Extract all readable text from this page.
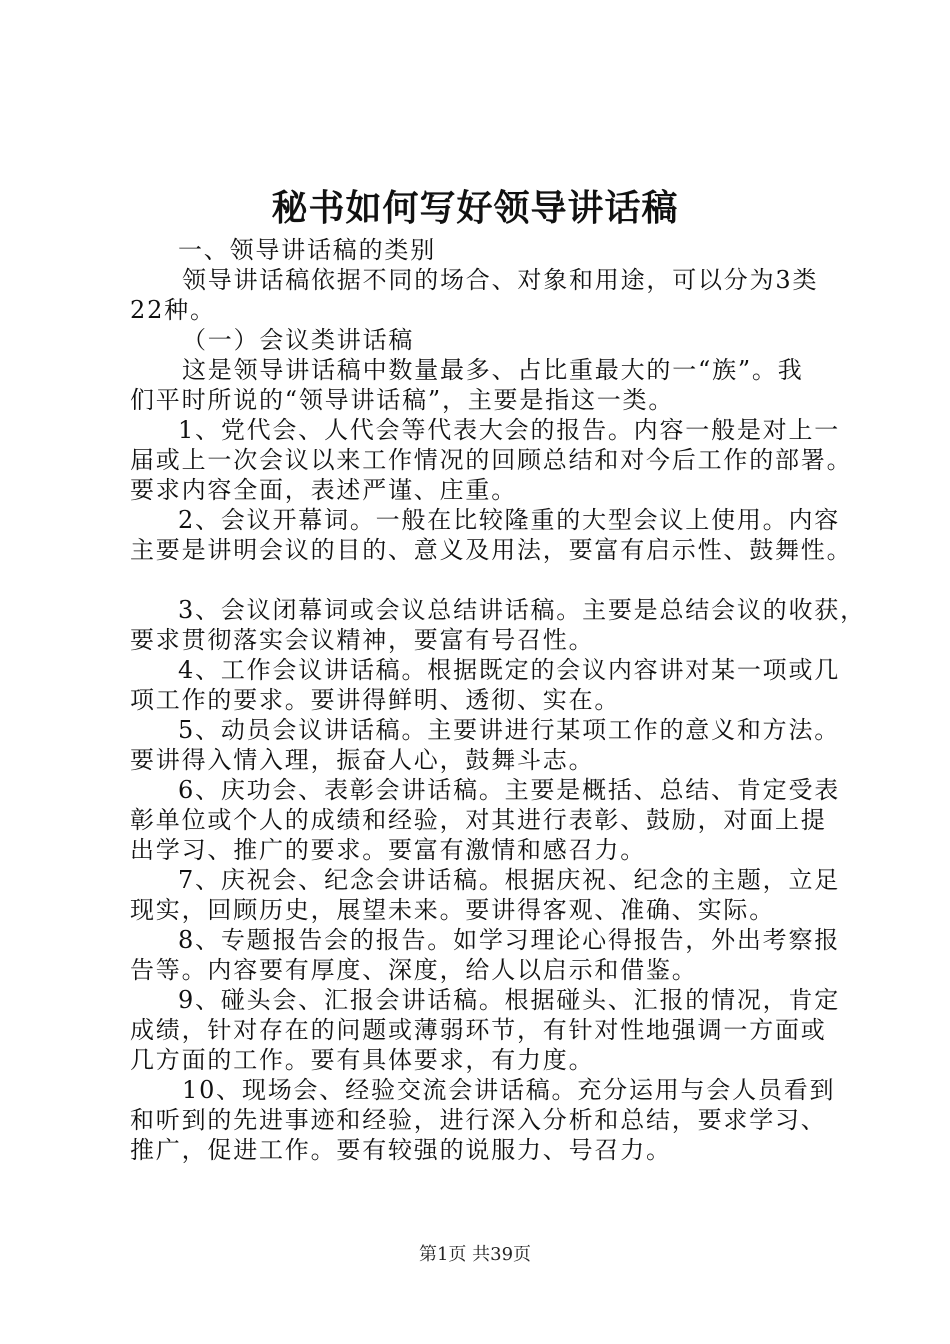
秘书如何写好领导讲话稿

一、领导讲话稿的类别

领导讲话稿依据不同的场合、对象和用途，可以分为3类

22种。

（一）会议类讲话稿

这是领导讲话稿中数量最多、占比重最大的一“族”。我

们平时所说的“领导讲话稿”，主要是指这一类。

1、党代会、人代会等代表大会的报告。内容一般是对上一

届或上一次会议以来工作情况的回顾总结和对今后工作的部署。

要求内容全面，表述严谨、庄重。

2、会议开幕词。一般在比较隆重的大型会议上使用。内容

主要是讲明会议的目的、意义及用法，要富有启示性、鼓舞性。

3、会议闭幕词或会议总结讲话稿。主要是总结会议的收获，

要求贯彻落实会议精神，要富有号召性。

4、工作会议讲话稿。根据既定的会议内容讲对某一项或几

项工作的要求。要讲得鲜明、透彻、实在。

5、动员会议讲话稿。主要讲进行某项工作的意义和方法。

要讲得入情入理，振奋人心，鼓舞斗志。

6、庆功会、表彰会讲话稿。主要是概括、总结、肯定受表

彰单位或个人的成绩和经验，对其进行表彰、鼓励，对面上提

出学习、推广的要求。要富有激情和感召力。

7、庆祝会、纪念会讲话稿。根据庆祝、纪念的主题，立足

现实，回顾历史，展望未来。要讲得客观、准确、实际。

8、专题报告会的报告。如学习理论心得报告，外出考察报

告等。内容要有厚度、深度，给人以启示和借鉴。

9、碰头会、汇报会讲话稿。根据碰头、汇报的情况，肯定

成绩，针对存在的问题或薄弱环节，有针对性地强调一方面或

几方面的工作。要有具体要求，有力度。

10、现场会、经验交流会讲话稿。充分运用与会人员看到

和听到的先进事迹和经验，进行深入分析和总结，要求学习、

推广，促进工作。要有较强的说服力、号召力。

第1页 共39页
